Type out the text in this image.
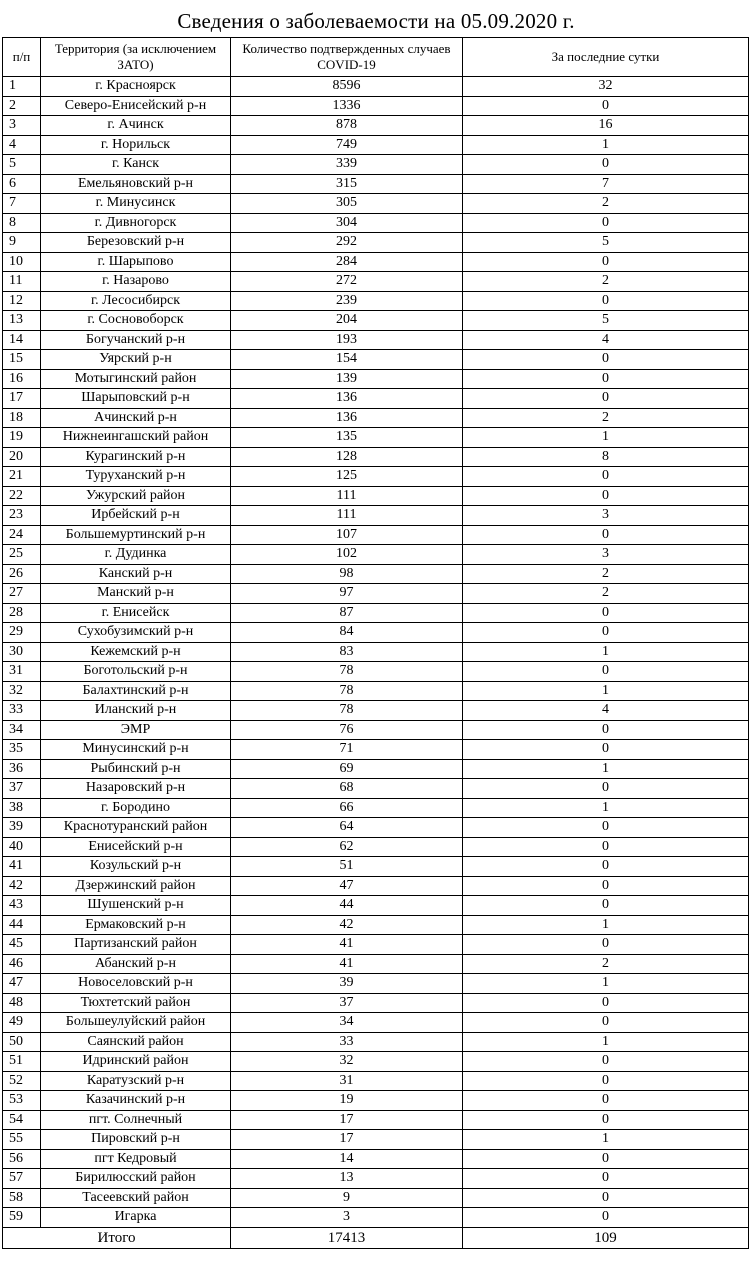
Сведения о заболеваемости на 05.09.2020 г.
п/п	Территория (за исключением ЗАТО)	Количество подтвержденных случаев COVID-19	За последние сутки
1	г. Красноярск	8596	32
2	Северо-Енисейский р-н	1336	0
3	г. Ачинск	878	16
4	г. Норильск	749	1
5	г. Канск	339	0
6	Емельяновский р-н	315	7
7	г. Минусинск	305	2
8	г. Дивногорск	304	0
9	Березовский р-н	292	5
10	г. Шарыпово	284	0
11	г. Назарово	272	2
12	г. Лесосибирск	239	0
13	г. Сосновоборск	204	5
14	Богучанский р-н	193	4
15	Уярский р-н	154	0
16	Мотыгинский район	139	0
17	Шарыповский р-н	136	0
18	Ачинский р-н	136	2
19	Нижнеингашский район	135	1
20	Курагинский р-н	128	8
21	Туруханский р-н	125	0
22	Ужурский район	111	0
23	Ирбейский р-н	111	3
24	Большемуртинский р-н	107	0
25	г. Дудинка	102	3
26	Канский р-н	98	2
27	Манский р-н	97	2
28	г. Енисейск	87	0
29	Сухобузимский р-н	84	0
30	Кежемский р-н	83	1
31	Боготольский р-н	78	0
32	Балахтинский р-н	78	1
33	Иланский р-н	78	4
34	ЭМР	76	0
35	Минусинский р-н	71	0
36	Рыбинский р-н	69	1
37	Назаровский р-н	68	0
38	г. Бородино	66	1
39	Краснотуранский район	64	0
40	Енисейский р-н	62	0
41	Козульский р-н	51	0
42	Дзержинский район	47	0
43	Шушенский р-н	44	0
44	Ермаковский р-н	42	1
45	Партизанский район	41	0
46	Абанский р-н	41	2
47	Новоселовский р-н	39	1
48	Тюхтетский район	37	0
49	Большеулуйский район	34	0
50	Саянский район	33	1
51	Идринский район	32	0
52	Каратузский р-н	31	0
53	Казачинский р-н	19	0
54	пгт. Солнечный	17	0
55	Пировский р-н	17	1
56	пгт Кедровый	14	0
57	Бирилюсский район	13	0
58	Тасеевский район	9	0
59	Игарка	3	0
Итого		17413	109
